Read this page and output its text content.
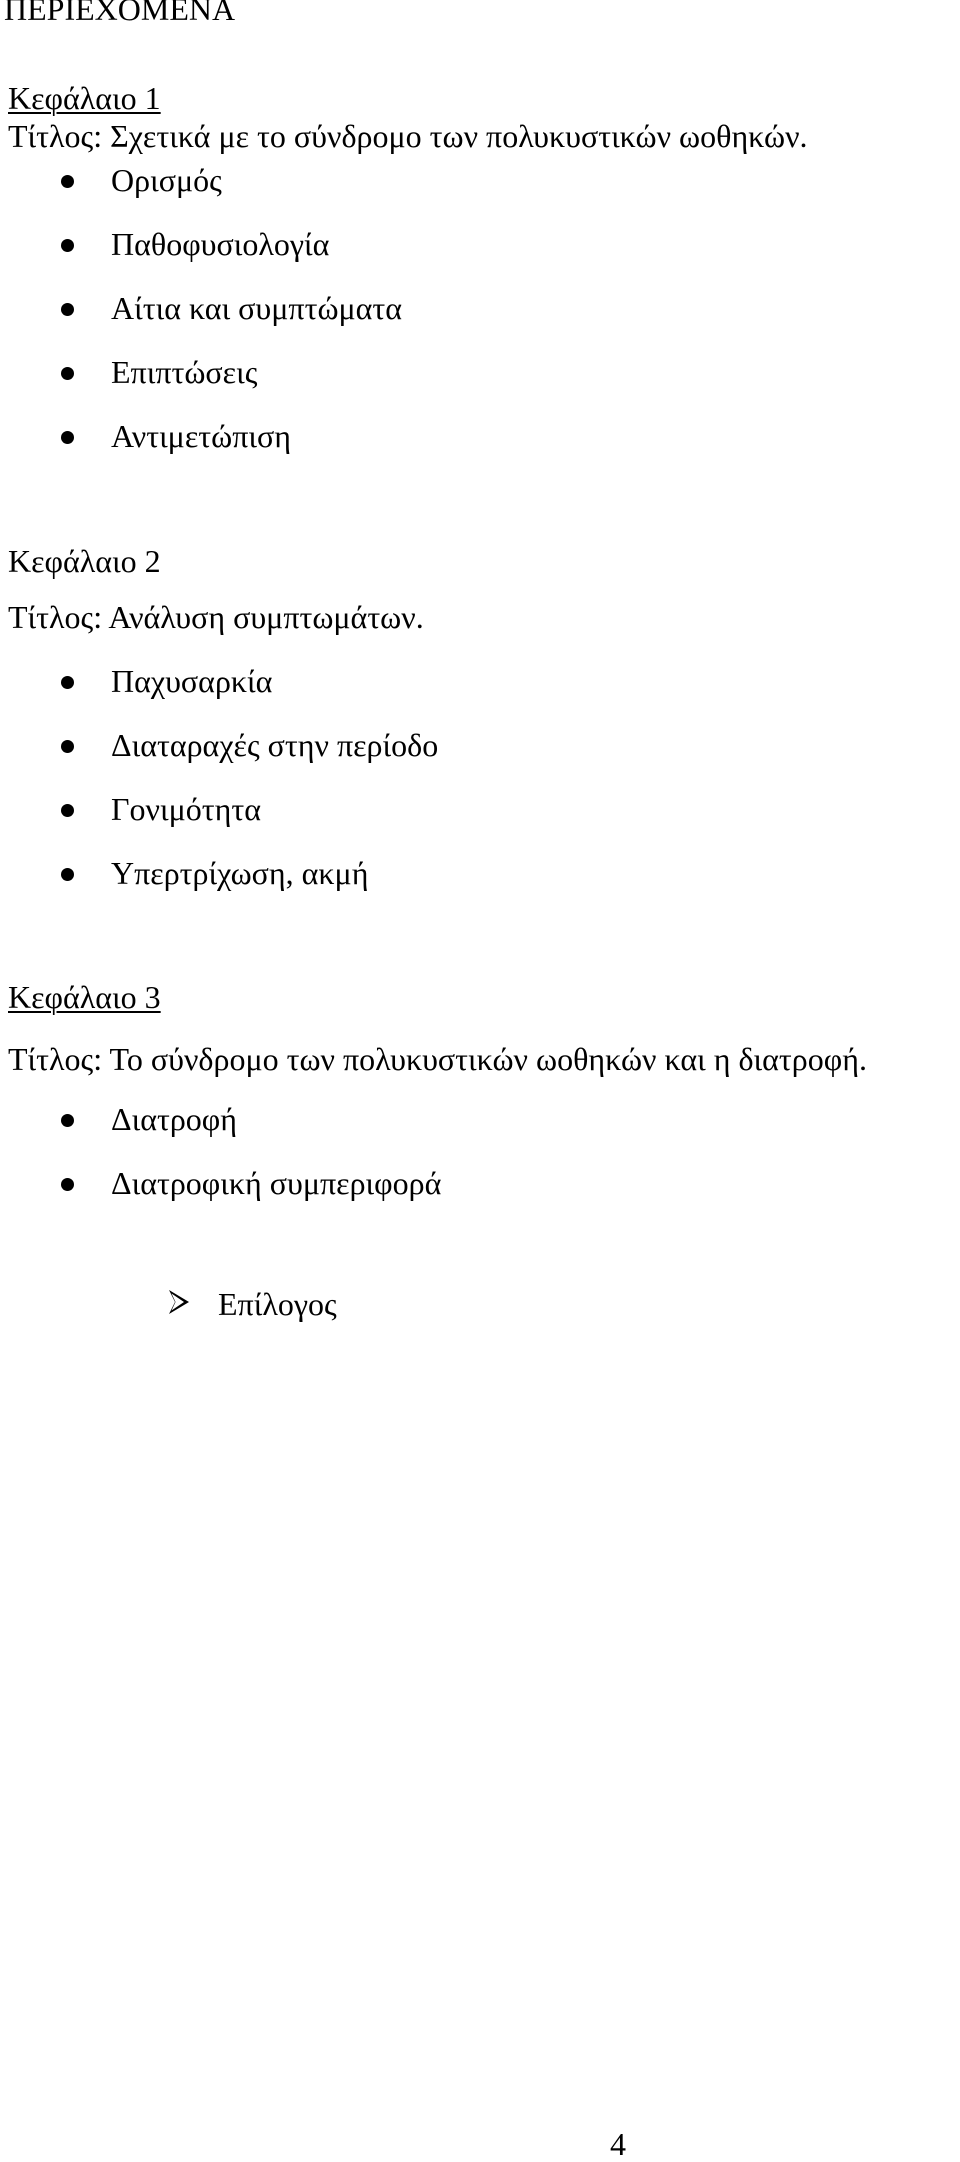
ΠΕΡΙΕΧΟΜΕΝΑ
Κεφάλαιο 1
Τίτλος: Σχετικά με το σύνδρομο των πολυκυστικών ωοθηκών.
Ορισμός
Παθοφυσιολογία
Αίτια και συμπτώματα
Επιπτώσεις
Αντιμετώπιση
Κεφάλαιο 2
Τίτλος: Ανάλυση συμπτωμάτων.
Παχυσαρκία
Διαταραχές στην περίοδο
Γονιμότητα
Υπερτρίχωση, ακμή
Κεφάλαιο 3
Τίτλος: Το σύνδρομο των πολυκυστικών ωοθηκών και η διατροφή.
Διατροφή
Διατροφική συμπεριφορά
Επίλογος
4
